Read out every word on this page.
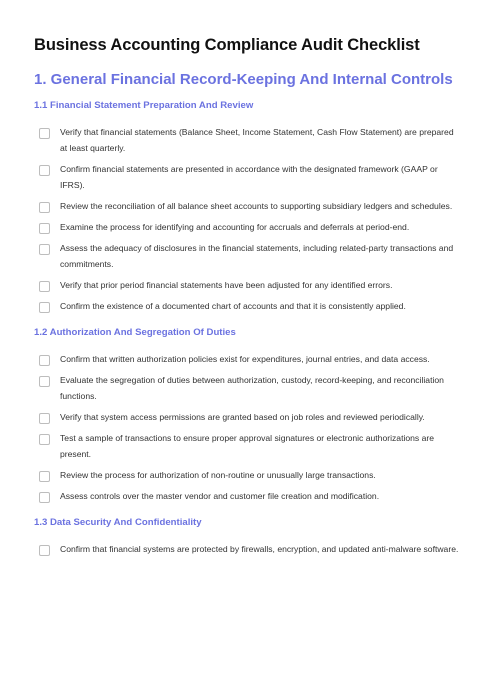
Business Accounting Compliance Audit Checklist
1. General Financial Record-Keeping And Internal Controls
1.1 Financial Statement Preparation And Review
Verify that financial statements (Balance Sheet, Income Statement, Cash Flow Statement) are prepared at least quarterly.
Confirm financial statements are presented in accordance with the designated framework (GAAP or IFRS).
Review the reconciliation of all balance sheet accounts to supporting subsidiary ledgers and schedules.
Examine the process for identifying and accounting for accruals and deferrals at period-end.
Assess the adequacy of disclosures in the financial statements, including related-party transactions and commitments.
Verify that prior period financial statements have been adjusted for any identified errors.
Confirm the existence of a documented chart of accounts and that it is consistently applied.
1.2 Authorization And Segregation Of Duties
Confirm that written authorization policies exist for expenditures, journal entries, and data access.
Evaluate the segregation of duties between authorization, custody, record-keeping, and reconciliation functions.
Verify that system access permissions are granted based on job roles and reviewed periodically.
Test a sample of transactions to ensure proper approval signatures or electronic authorizations are present.
Review the process for authorization of non-routine or unusually large transactions.
Assess controls over the master vendor and customer file creation and modification.
1.3 Data Security And Confidentiality
Confirm that financial systems are protected by firewalls, encryption, and updated anti-malware software.
